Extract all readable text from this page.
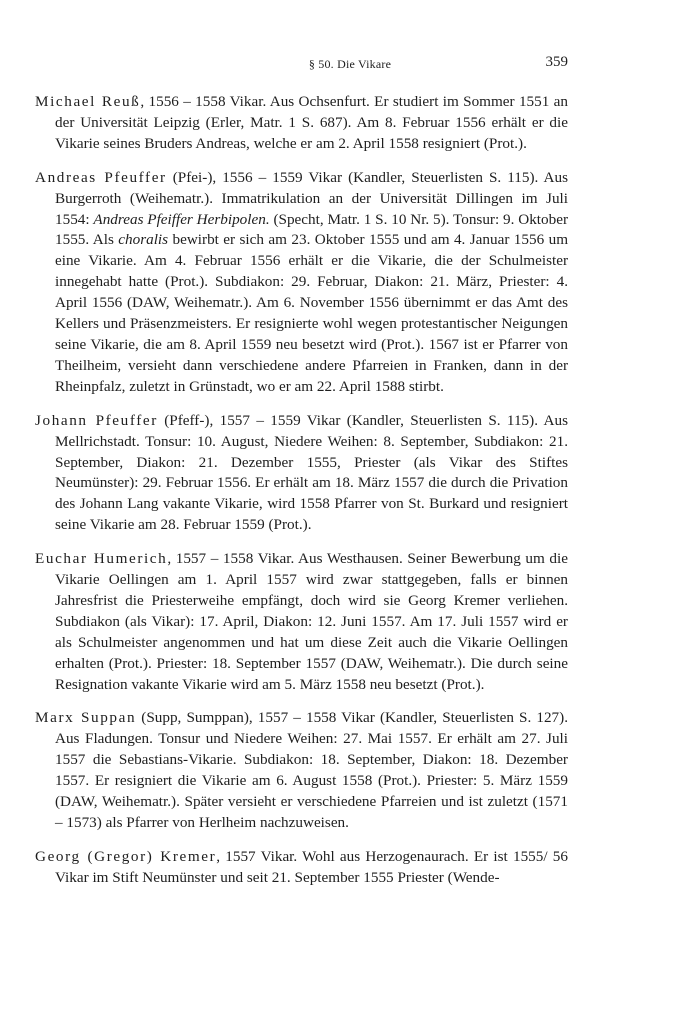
§ 50. Die Vikare	359

Michael Reuß, 1556 – 1558 Vikar. Aus Ochsenfurt. Er studiert im Sommer 1551 an der Universität Leipzig (Erler, Matr. 1 S. 687). Am 8. Februar 1556 erhält er die Vikarie seines Bruders Andreas, welche er am 2. April 1558 resigniert (Prot.).

Andreas Pfeuffer (Pfei-), 1556 – 1559 Vikar (Kandler, Steuerlisten S. 115). Aus Burgerroth (Weihematr.). Immatrikulation an der Universität Dillingen im Juli 1554: Andreas Pfeiffer Herbipolen. (Specht, Matr. 1 S. 10 Nr. 5). Tonsur: 9. Oktober 1555. Als choralis bewirbt er sich am 23. Oktober 1555 und am 4. Januar 1556 um eine Vikarie. Am 4. Februar 1556 erhält er die Vikarie, die der Schulmeister innegehabt hatte (Prot.). Subdiakon: 29. Februar, Diakon: 21. März, Priester: 4. April 1556 (DAW, Weihematr.). Am 6. November 1556 übernimmt er das Amt des Kellers und Präsenzmeisters. Er resignierte wohl wegen protestantischer Neigungen seine Vikarie, die am 8. April 1559 neu besetzt wird (Prot.). 1567 ist er Pfarrer von Theilheim, versieht dann verschiedene andere Pfarreien in Franken, dann in der Rheinpfalz, zuletzt in Grünstadt, wo er am 22. April 1588 stirbt.

Johann Pfeuffer (Pfeff-), 1557 – 1559 Vikar (Kandler, Steuerlisten S. 115). Aus Mellrichstadt. Tonsur: 10. August, Niedere Weihen: 8. September, Subdiakon: 21. September, Diakon: 21. Dezember 1555, Priester (als Vikar des Stiftes Neumünster): 29. Februar 1556. Er erhält am 18. März 1557 die durch die Privation des Johann Lang vakante Vikarie, wird 1558 Pfarrer von St. Burkard und resigniert seine Vikarie am 28. Februar 1559 (Prot.).

Euchar Humerich, 1557 – 1558 Vikar. Aus Westhausen. Seiner Bewerbung um die Vikarie Oellingen am 1. April 1557 wird zwar stattgegeben, falls er binnen Jahresfrist die Priesterweihe empfängt, doch wird sie Georg Kremer verliehen. Subdiakon (als Vikar): 17. April, Diakon: 12. Juni 1557. Am 17. Juli 1557 wird er als Schulmeister angenommen und hat um diese Zeit auch die Vikarie Oellingen erhalten (Prot.). Priester: 18. September 1557 (DAW, Weihematr.). Die durch seine Resignation vakante Vikarie wird am 5. März 1558 neu besetzt (Prot.).

Marx Suppan (Supp, Sumppan), 1557 – 1558 Vikar (Kandler, Steuerlisten S. 127). Aus Fladungen. Tonsur und Niedere Weihen: 27. Mai 1557. Er erhält am 27. Juli 1557 die Sebastians-Vikarie. Subdiakon: 18. September, Diakon: 18. Dezember 1557. Er resigniert die Vikarie am 6. August 1558 (Prot.). Priester: 5. März 1559 (DAW, Weihematr.). Später versieht er verschiedene Pfarreien und ist zuletzt (1571 – 1573) als Pfarrer von Herlheim nachzuweisen.

Georg (Gregor) Kremer, 1557 Vikar. Wohl aus Herzogenaurach. Er ist 1555/ 56 Vikar im Stift Neumünster und seit 21. September 1555 Priester (Wende-
